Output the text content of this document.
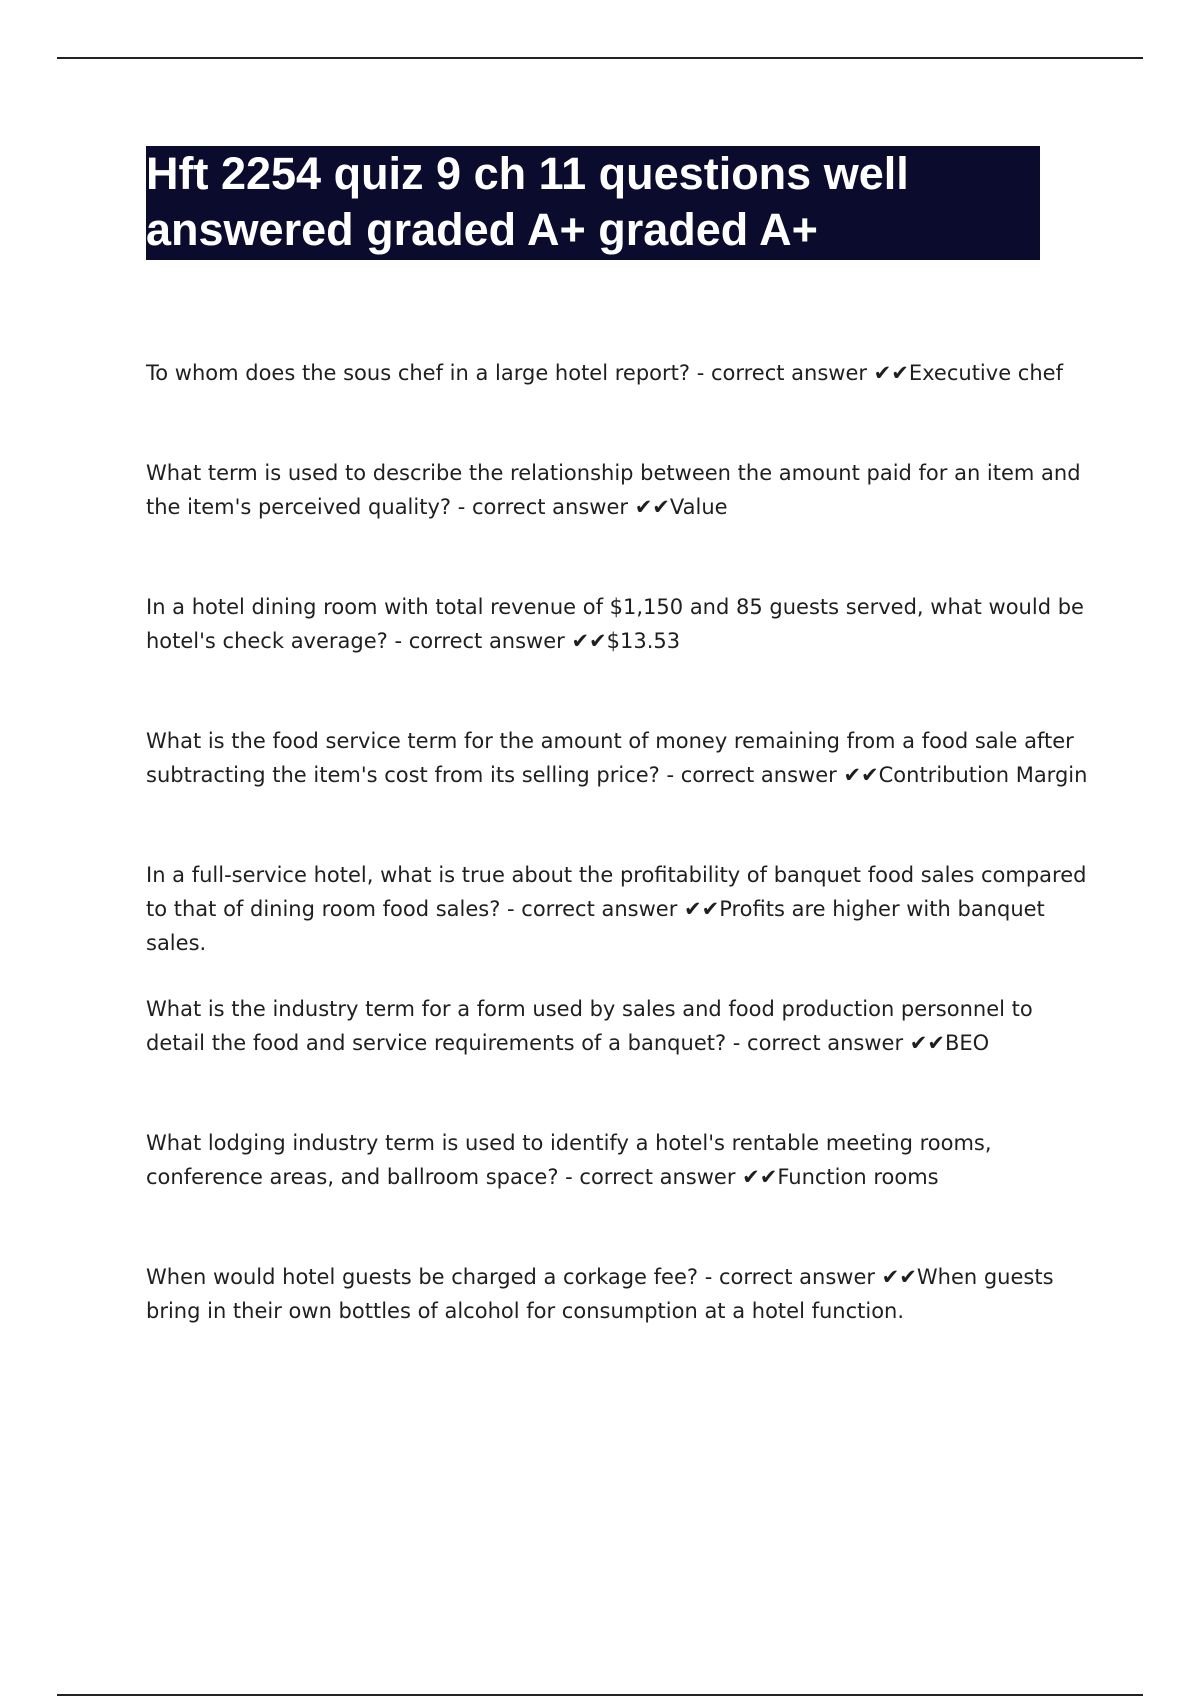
Hft 2254 quiz 9 ch 11 questions well answered graded A+ graded A+
To whom does the sous chef in a large hotel report? - correct answer ✔✔Executive chef
What term is used to describe the relationship between the amount paid for an item and the item's perceived quality? - correct answer ✔✔Value
In a hotel dining room with total revenue of $1,150 and 85 guests served, what would be hotel's check average? - correct answer ✔✔$13.53
What is the food service term for the amount of money remaining from a food sale after subtracting the item's cost from its selling price? - correct answer ✔✔Contribution Margin
In a full-service hotel, what is true about the profitability of banquet food sales compared to that of dining room food sales? - correct answer ✔✔Profits are higher with banquet sales.
What is the industry term for a form used by sales and food production personnel to detail the food and service requirements of a banquet? - correct answer ✔✔BEO
What lodging industry term is used to identify a hotel's rentable meeting rooms, conference areas, and ballroom space? - correct answer ✔✔Function rooms
When would hotel guests be charged a corkage fee? - correct answer ✔✔When guests bring in their own bottles of alcohol for consumption at a hotel function.
